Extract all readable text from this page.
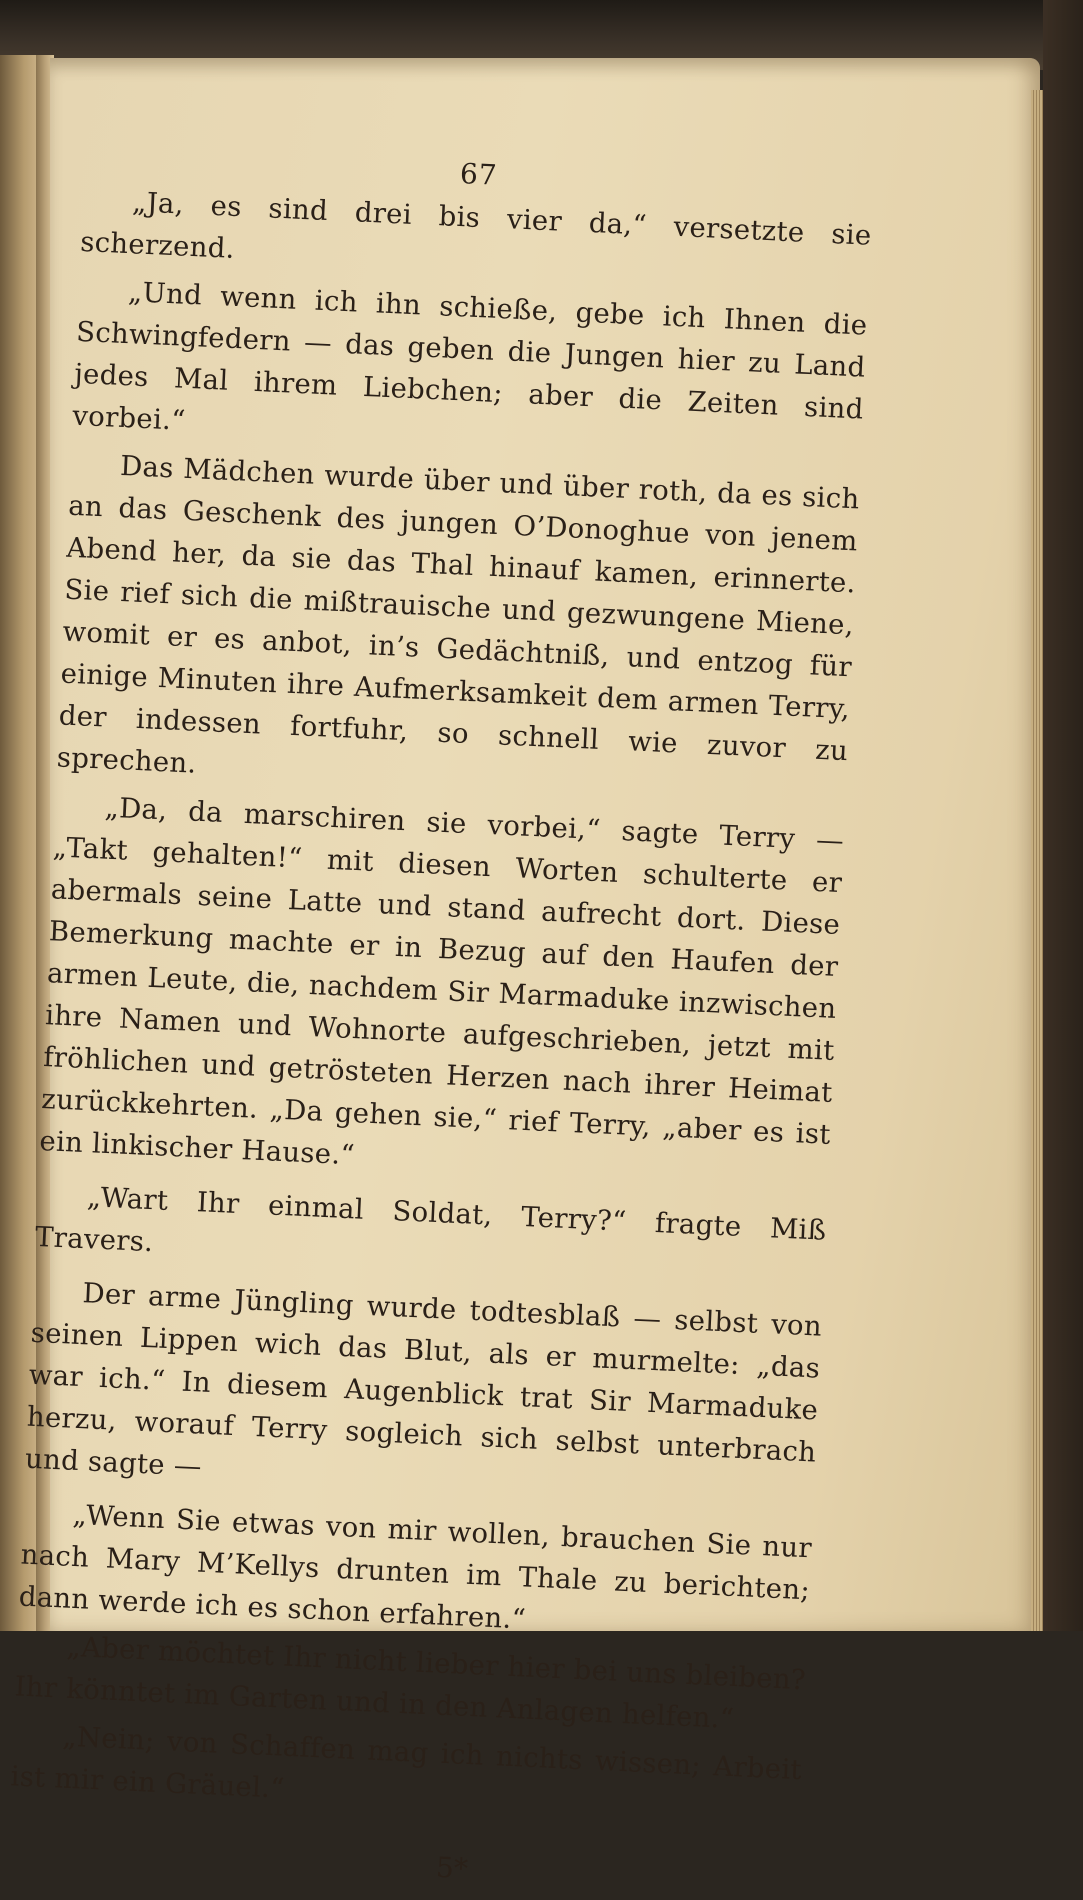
67

„Ja, es sind drei bis vier da,“ versetzte sie scherzend.

„Und wenn ich ihn schieße, gebe ich Ihnen die Schwingfedern — das geben die Jungen hier zu Land jedes Mal ihrem Liebchen; aber die Zeiten sind vorbei.“

Das Mädchen wurde über und über roth, da es sich an das Geschenk des jungen O’Donoghue von jenem Abend her, da sie das Thal hinauf kamen, erinnerte. Sie rief sich die mißtrauische und gezwungene Miene, womit er es anbot, in’s Gedächtniß, und entzog für einige Minuten ihre Aufmerksamkeit dem armen Terry, der indessen fortfuhr, so schnell wie zuvor zu sprechen.

„Da, da marschiren sie vorbei,“ sagte Terry — „Takt gehalten!“ mit diesen Worten schulterte er abermals seine Latte und stand aufrecht dort. Diese Bemerkung machte er in Bezug auf den Haufen der armen Leute, die, nachdem Sir Marmaduke inzwischen ihre Namen und Wohnorte aufgeschrieben, jetzt mit fröhlichen und getrösteten Herzen nach ihrer Heimat zurückkehrten. „Da gehen sie,“ rief Terry, „aber es ist ein linkischer Hause.“

„Wart Ihr einmal Soldat, Terry?“ fragte Miß Travers.

Der arme Jüngling wurde todtesblaß — selbst von seinen Lippen wich das Blut, als er murmelte: „das war ich.“ In diesem Augenblick trat Sir Marmaduke herzu, worauf Terry sogleich sich selbst unterbrach und sagte —

„Wenn Sie etwas von mir wollen, brauchen Sie nur nach Mary M’Kellys drunten im Thale zu berichten; dann werde ich es schon erfahren.“

„Aber möchtet Ihr nicht lieber hier bei uns bleiben? Ihr könntet im Garten und in den Anlagen helfen.“

„Nein; von Schaffen mag ich nichts wissen; Arbeit ist mir ein Gräuel.“

5*
